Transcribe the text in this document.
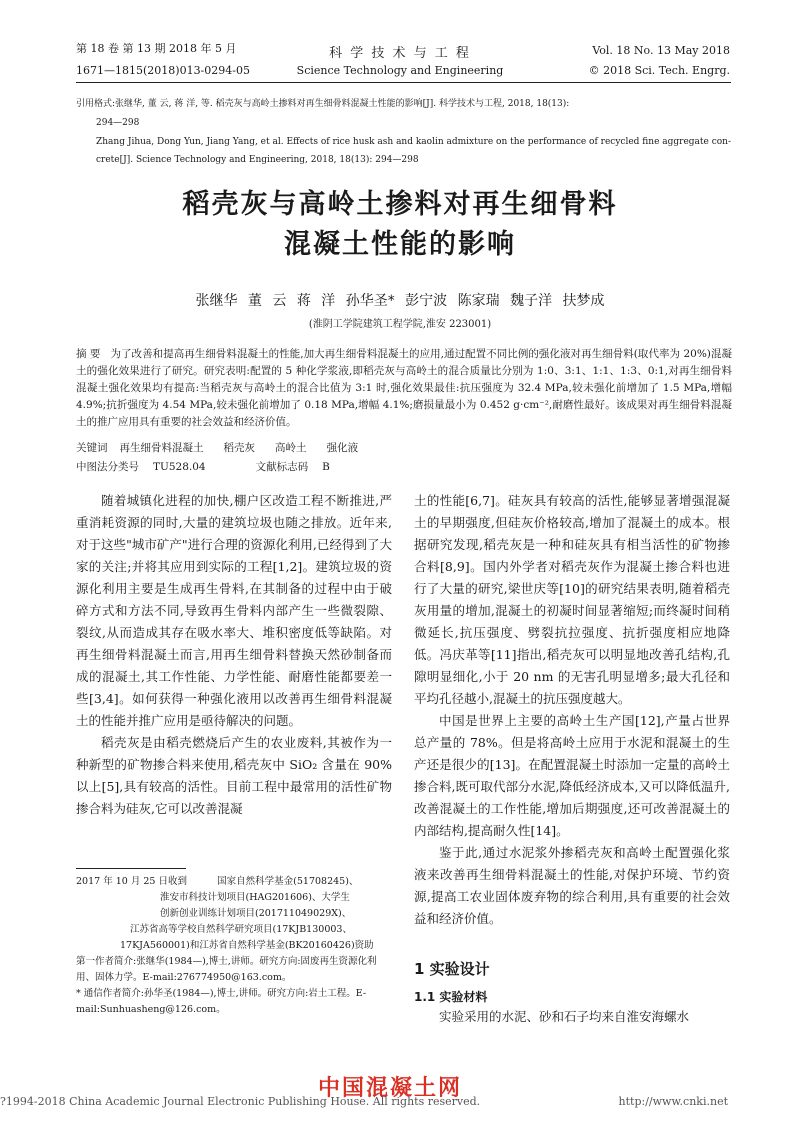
第 18 卷 第 13 期 2018 年 5 月
1671—1815(2018)013-0294-05
科 学 技 术 与 工 程
Science Technology and Engineering
Vol. 18 No. 13 May 2018
© 2018 Sci. Tech. Engrg.
引用格式:张继华, 董 云, 蒋 洋, 等. 稻壳灰与高岭土掺料对再生细骨料混凝土性能的影响[J]. 科学技术与工程, 2018, 18(13):
294—298
Zhang Jihua, Dong Yun, Jiang Yang, et al. Effects of rice husk ash and kaolin admixture on the performance of recycled fine aggregate con-
crete[J]. Science Technology and Engineering, 2018, 18(13): 294—298
稻壳灰与高岭土掺料对再生细骨料
混凝土性能的影响
张继华 董 云 蒋 洋 孙华圣* 彭宁波 陈家瑞 魏子洋 扶梦成
(淮阴工学院建筑工程学院,淮安 223001)
摘 要 为了改善和提高再生细骨料混凝土的性能,加大再生细骨料混凝土的应用,通过配置不同比例的强化液对再生细骨料(取代率为 20%)混凝土的强化效果进行了研究。研究表明:配置的 5 种化学浆液,即稻壳灰与高岭土的混合质量比分别为 1:0、3:1、1:1、1:3、0:1,对再生细骨料混凝土强化效果均有提高:当稻壳灰与高岭土的混合比值为 3:1 时,强化效果最佳:抗压强度为 32.4 MPa,较未强化前增加了 1.5 MPa,增幅 4.9%;抗折强度为 4.54 MPa,较未强化前增加了 0.18 MPa,增幅 4.1%;磨损量最小为 0.452 g·cm⁻²,耐磨性最好。该成果对再生细骨料混凝土的推广应用具有重要的社会效益和经济价值。
关键词 再生细骨料混凝土      稻壳灰      高岭土      强化液
中图法分类号 TU528.04	文献标志码 B

随着城镇化进程的加快,棚户区改造工程不断推进,严重消耗资源的同时,大量的建筑垃圾也随之排放。近年来,对于这些"城市矿产"进行合理的资源化利用,已经得到了大家的关注;并将其应用到实际的工程[1,2]。建筑垃圾的资源化利用主要是生成再生骨料,在其制备的过程中由于破碎方式和方法不同,导致再生骨料内部产生一些微裂隙、裂纹,从而造成其存在吸水率大、堆积密度低等缺陷。对再生细骨料混凝土而言,用再生细骨料替换天然砂制备而成的混凝土,其工作性能、力学性能、耐磨性能都要差一些[3,4]。如何获得一种强化液用以改善再生细骨料混凝土的性能并推广应用是亟待解决的问题。

稻壳灰是由稻壳燃烧后产生的农业废料,其被作为一种新型的矿物掺合料来使用,稻壳灰中 SiO₂ 含量在 90% 以上[5],具有较高的活性。目前工程中最常用的活性矿物掺合料为硅灰,它可以改善混凝

2017 年 10 月 25 日收到          国家自然科学基金(51708245)、
淮安市科技计划项目(HAG201606)、大学生
创新创业训练计划项目(201711049029X)、
江苏省高等学校自然科学研究项目(17KJB130003、
17KJA560001)和江苏省自然科学基金(BK20160426)资助
第一作者简介:张继华(1984—),博士,讲师。研究方向:固废再生资源化利用、固体力学。E-mail:276774950@163.com。
* 通信作者简介:孙华圣(1984—),博士,讲师。研究方向:岩土工程。E-mail:Sunhuasheng@126.com。

土的性能[6,7]。硅灰具有较高的活性,能够显著增强混凝土的早期强度,但硅灰价格较高,增加了混凝土的成本。根据研究发现,稻壳灰是一种和硅灰具有相当活性的矿物掺合料[8,9]。国内外学者对稻壳灰作为混凝土掺合料也进行了大量的研究,梁世庆等[10]的研究结果表明,随着稻壳灰用量的增加,混凝土的初凝时间显著缩短;而终凝时间稍微延长,抗压强度、劈裂抗拉强度、抗折强度相应地降低。冯庆革等[11]指出,稻壳灰可以明显地改善孔结构,孔隙明显细化,小于 20 nm 的无害孔明显增多;最大孔径和平均孔径越小,混凝土的抗压强度越大。

中国是世界上主要的高岭土生产国[12],产量占世界总产量的 78%。但是将高岭土应用于水泥和混凝土的生产还是很少的[13]。在配置混凝土时添加一定量的高岭土掺合料,既可取代部分水泥,降低经济成本,又可以降低温升,改善混凝土的工作性能,增加后期强度,还可改善混凝土的内部结构,提高耐久性[14]。

鉴于此,通过水泥浆外掺稻壳灰和高岭土配置强化浆液来改善再生细骨料混凝土的性能,对保护环境、节约资源,提高工农业固体废弃物的综合利用,具有重要的社会效益和经济价值。

1 实验设计
1.1 实验材料

实验采用的水泥、砂和石子均来自淮安海螺水

中国混凝土网
?1994-2018 China Academic Journal Electronic Publishing House. All rights reserved.	http://www.cnki.net
